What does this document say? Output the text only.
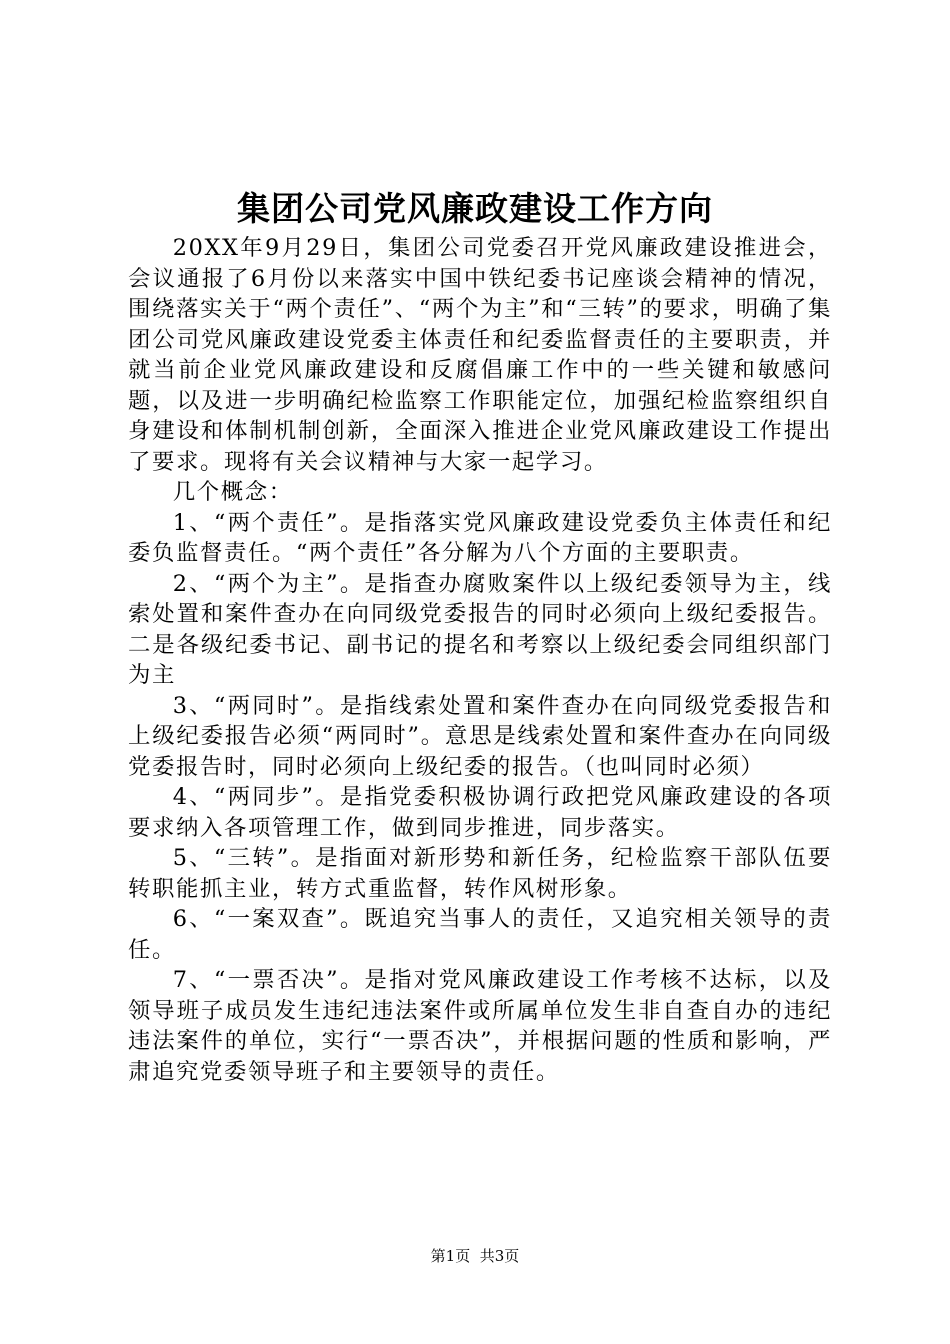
集团公司党风廉政建设工作方向

20XX年9月29日，集团公司党委召开党风廉政建设推进会，会议通报了6月份以来落实中国中铁纪委书记座谈会精神的情况，围绕落实关于“两个责任”、“两个为主”和“三转”的要求，明确了集团公司党风廉政建设党委主体责任和纪委监督责任的主要职责，并就当前企业党风廉政建设和反腐倡廉工作中的一些关键和敏感问题，以及进一步明确纪检监察工作职能定位，加强纪检监察组织自身建设和体制机制创新，全面深入推进企业党风廉政建设工作提出了要求。现将有关会议精神与大家一起学习。

几个概念：

1、“两个责任”。是指落实党风廉政建设党委负主体责任和纪委负监督责任。“两个责任”各分解为八个方面的主要职责。

2、“两个为主”。是指查办腐败案件以上级纪委领导为主，线索处置和案件查办在向同级党委报告的同时必须向上级纪委报告。二是各级纪委书记、副书记的提名和考察以上级纪委会同组织部门为主

3、“两同时”。是指线索处置和案件查办在向同级党委报告和上级纪委报告必须“两同时”。意思是线索处置和案件查办在向同级党委报告时，同时必须向上级纪委的报告。（也叫同时必须）

4、“两同步”。是指党委积极协调行政把党风廉政建设的各项要求纳入各项管理工作，做到同步推进，同步落实。

5、“三转”。是指面对新形势和新任务，纪检监察干部队伍要转职能抓主业，转方式重监督，转作风树形象。

6、“一案双查”。既追究当事人的责任，又追究相关领导的责任。

7、“一票否决”。是指对党风廉政建设工作考核不达标，以及领导班子成员发生违纪违法案件或所属单位发生非自查自办的违纪违法案件的单位，实行“一票否决”，并根据问题的性质和影响，严肃追究党委领导班子和主要领导的责任。

第1页 共3页
